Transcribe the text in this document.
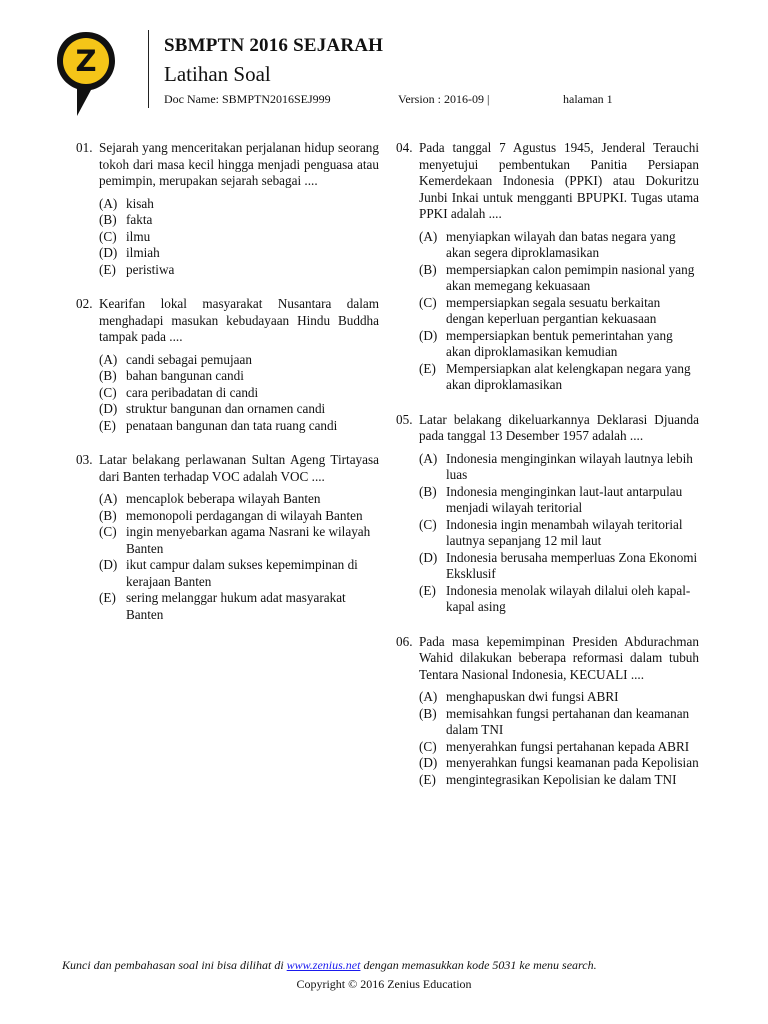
Z	SBMPTN 2016 SEJARAH
Latihan Soal
Doc Name: SBMPTN2016SEJ999	Version : 2016-09 |	halaman 1
01. Sejarah yang menceritakan perjalanan hidup seorang tokoh dari masa kecil hingga menjadi penguasa atau pemimpin, merupakan sejarah sebagai ....
(A) kisah
(B) fakta
(C) ilmu
(D) ilmiah
(E) peristiwa
02. Kearifan lokal masyarakat Nusantara dalam menghadapi masukan kebudayaan Hindu Buddha tampak pada ....
(A) candi sebagai pemujaan
(B) bahan bangunan candi
(C) cara peribadatan di candi
(D) struktur bangunan dan ornamen candi
(E) penataan bangunan dan tata ruang candi
03. Latar belakang perlawanan Sultan Ageng Tirtayasa dari Banten terhadap VOC adalah VOC ....
(A) mencaplok beberapa wilayah Banten
(B) memonopoli perdagangan di wilayah Banten
(C) ingin menyebarkan agama Nasrani ke wilayah Banten
(D) ikut campur dalam sukses kepemimpinan di kerajaan Banten
(E) sering melanggar hukum adat masyarakat Banten
04. Pada tanggal 7 Agustus 1945, Jenderal Terauchi menyetujui pembentukan Panitia Persiapan Kemerdekaan Indonesia (PPKI) atau Dokuritzu Junbi Inkai untuk mengganti BPUPKI. Tugas utama PPKI adalah ....
(A) menyiapkan wilayah dan batas negara yang akan segera diproklamasikan
(B) mempersiapkan calon pemimpin nasional yang akan memegang kekuasaan
(C) mempersiapkan segala sesuatu berkaitan dengan keperluan pergantian kekuasaan
(D) mempersiapkan bentuk pemerintahan yang akan diproklamasikan kemudian
(E) Mempersiapkan alat kelengkapan negara yang akan diproklamasikan
05. Latar belakang dikeluarkannya Deklarasi Djuanda pada tanggal 13 Desember 1957 adalah ....
(A) Indonesia menginginkan wilayah lautnya lebih luas
(B) Indonesia menginginkan laut-laut antarpulau menjadi wilayah teritorial
(C) Indonesia ingin menambah wilayah teritorial lautnya sepanjang 12 mil laut
(D) Indonesia berusaha memperluas Zona Ekonomi Eksklusif
(E) Indonesia menolak wilayah dilalui oleh kapal-kapal asing
06. Pada masa kepemimpinan Presiden Abdurachman Wahid dilakukan beberapa reformasi dalam tubuh Tentara Nasional Indonesia, KECUALI ....
(A) menghapuskan dwi fungsi ABRI
(B) memisahkan fungsi pertahanan dan keamanan dalam TNI
(C) menyerahkan fungsi pertahanan kepada ABRI
(D) menyerahkan fungsi keamanan pada Kepolisian
(E) mengintegrasikan Kepolisian ke dalam TNI
Kunci dan pembahasan soal ini bisa dilihat di www.zenius.net dengan memasukkan kode 5031 ke menu search.
Copyright © 2016 Zenius Education
